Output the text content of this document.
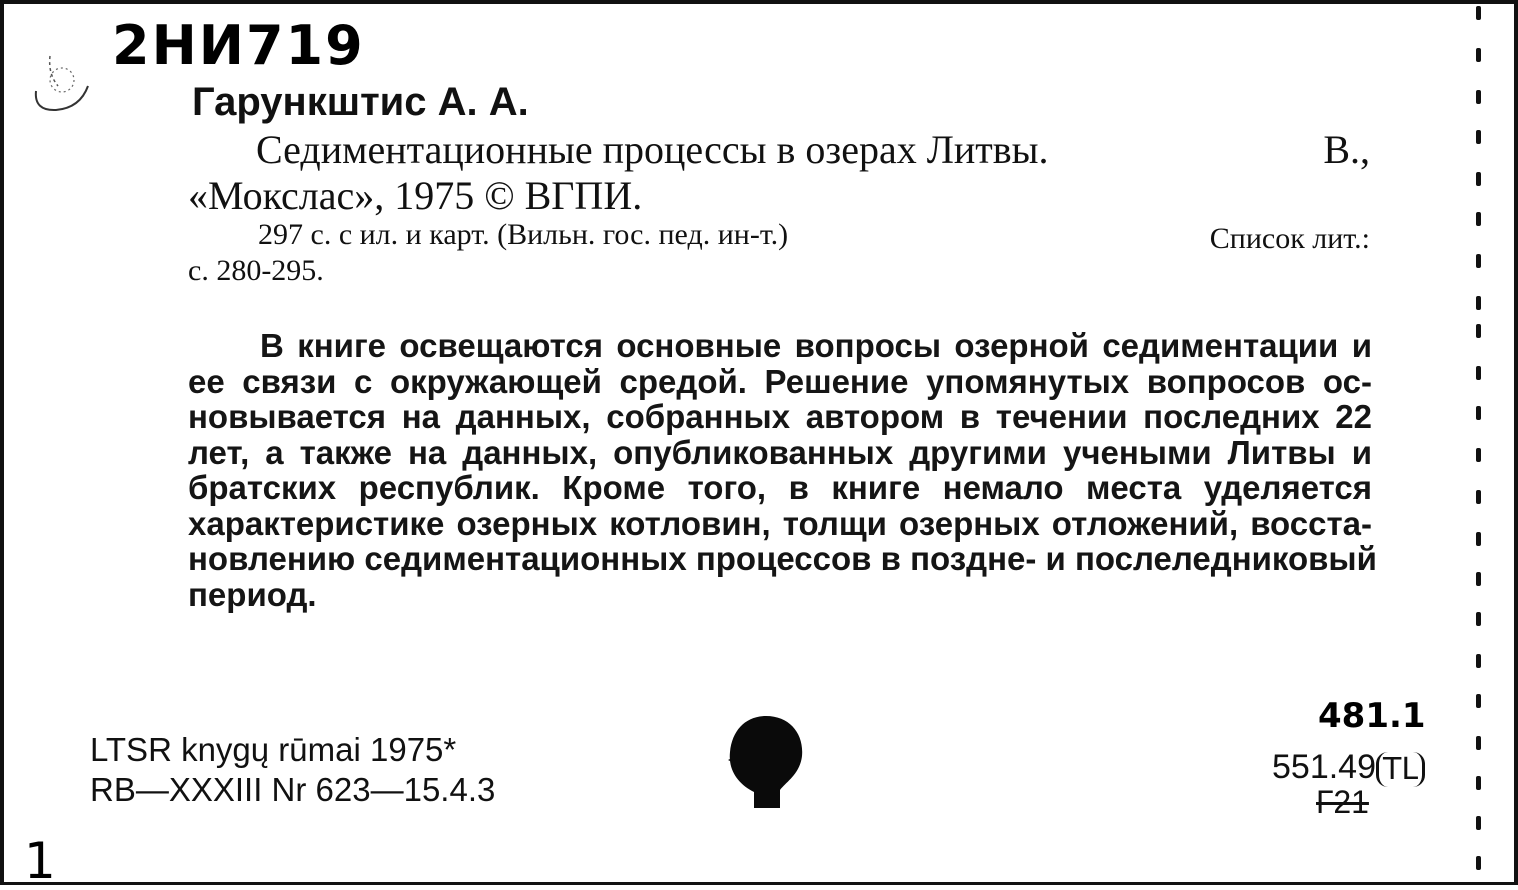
2НИ719
Гарункштис А. А.
Седиментационные процессы в озерах Литвы.	В.,
«Мокслас», 1975 © ВГПИ.
297 с. с ил. и карт. (Вильн. гос. пед. ин-т.)	Список лит.:
с. 280-295.
В книге освещаются основные вопросы озерной седиментации и
ее связи с окружающей средой. Решение упомянутых вопросов ос-
новывается на данных, собранных автором в течении последних 22
лет, а также на данных, опубликованных другими учеными Литвы и
братских республик. Кроме того, в книге немало места уделяется
характеристике озерных котловин, толщи озерных отложений, восста-
новлению седиментационных процессов в поздне- и послеледниковый
период.
LTSR knygų rūmai 1975*
RB—XXXIII Nr 623—15.4.3
481.1
551.49 TL
Г21
1
